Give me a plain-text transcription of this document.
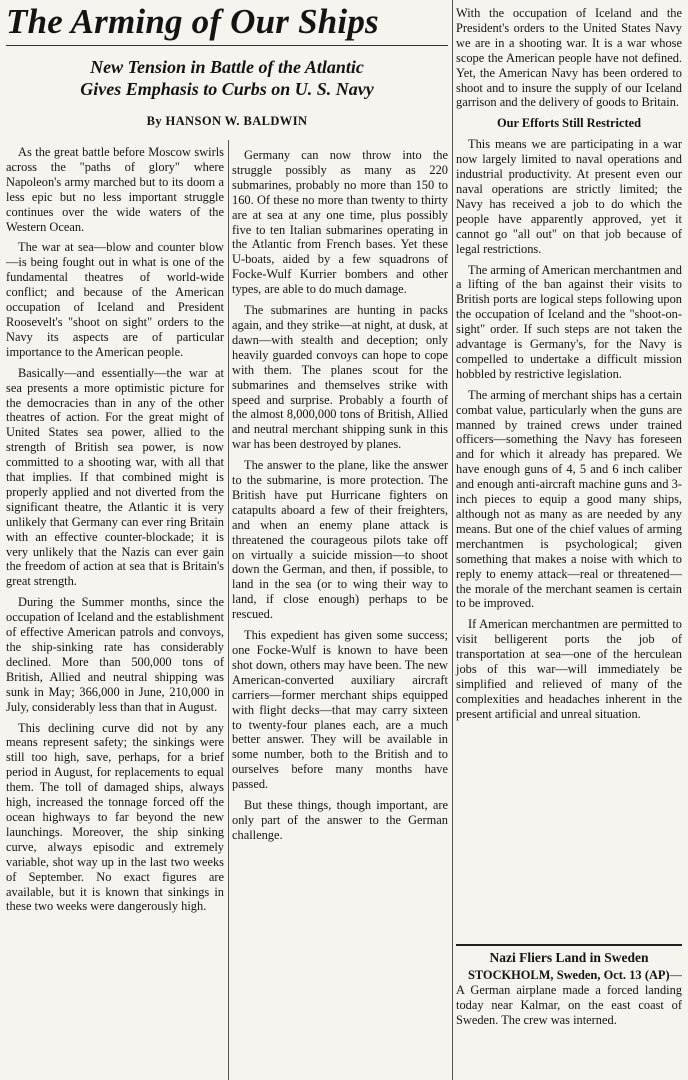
The Arming of Our Ships
New Tension in Battle of the Atlantic
Gives Emphasis to Curbs on U. S. Navy
By HANSON W. BALDWIN

As the great battle before Moscow swirls across the "paths of glory" where Napoleon's army marched but to its doom a less epic but no less important struggle continues over the wide waters of the Western Ocean.

The war at sea—blow and counter blow—is being fought out in what is one of the fundamental theatres of world-wide conflict; and because of the American occupation of Iceland and President Roosevelt's "shoot on sight" orders to the Navy its aspects are of particular importance to the American people.

Basically—and essentially—the war at sea presents a more optimistic picture for the democracies than in any of the other theatres of action. For the great might of United States sea power, allied to the strength of British sea power, is now committed to a shooting war, with all that that implies. If that combined might is properly applied and not diverted from the significant theatre, the Atlantic it is very unlikely that Germany can ever ring Britain with an effective counter-blockade; it is very unlikely that the Nazis can ever gain the freedom of action at sea that is Britain's great strength.

During the Summer months, since the occupation of Iceland and the establishment of effective American patrols and convoys, the ship-sinking rate has considerably declined. More than 500,000 tons of British, Allied and neutral shipping was sunk in May; 366,000 in June, 210,000 in July, considerably less than that in August.

This declining curve did not by any means represent safety; the sinkings were still too high, save, perhaps, for a brief period in August, for replacements to equal them. The toll of damaged ships, always high, increased the tonnage forced off the ocean highways to far beyond the new launchings. Moreover, the ship sinking curve, always episodic and extremely variable, shot way up in the last two weeks of September. No exact figures are available, but it is known that sinkings in these two weeks were dangerously high.

Germany can now throw into the struggle possibly as many as 220 submarines, probably no more than 150 to 160. Of these no more than twenty to thirty are at sea at any one time, plus possibly five to ten Italian submarines operating in the Atlantic from French bases. Yet these U-boats, aided by a few squadrons of Focke-Wulf Kurrier bombers and other types, are able to do much damage.

The submarines are hunting in packs again, and they strike—at night, at dusk, at dawn—with stealth and deception; only heavily guarded convoys can hope to cope with them. The planes scout for the submarines and themselves strike with speed and surprise. Probably a fourth of the almost 8,000,000 tons of British, Allied and neutral merchant shipping sunk in this war has been destroyed by planes.

The answer to the plane, like the answer to the submarine, is more protection. The British have put Hurricane fighters on catapults aboard a few of their freighters, and when an enemy plane attack is threatened the courageous pilots take off on virtually a suicide mission—to shoot down the German, and then, if possible, to land in the sea (or to wing their way to land, if close enough) perhaps to be rescued.

This expedient has given some success; one Focke-Wulf is known to have been shot down, others may have been. The new American-converted auxiliary aircraft carriers—former merchant ships equipped with flight decks—that may carry sixteen to twenty-four planes each, are a much better answer. They will be available in some number, both to the British and to ourselves before many months have passed.

But these things, though important, are only part of the answer to the German challenge.

With the occupation of Iceland and the President's orders to the United States Navy we are in a shooting war. It is a war whose scope the American people have not defined. Yet, the American Navy has been ordered to shoot and to insure the supply of our Iceland garrison and the delivery of goods to Britain.

Our Efforts Still Restricted

This means we are participating in a war now largely limited to naval operations and industrial productivity. At present even our naval operations are strictly limited; the Navy has received a job to do which the people have apparently approved, yet it cannot go "all out" on that job because of legal restrictions.

The arming of American merchantmen and a lifting of the ban against their visits to British ports are logical steps following upon the occupation of Iceland and the "shoot-on-sight" order. If such steps are not taken the advantage is Germany's, for the Navy is compelled to undertake a difficult mission hobbled by restrictive legislation.

The arming of merchant ships has a certain combat value, particularly when the guns are manned by trained crews under trained officers—something the Navy has foreseen and for which it already has prepared. We have enough guns of 4, 5 and 6 inch caliber and enough anti-aircraft machine guns and 3-inch pieces to equip a good many ships, although not as many as are needed by any means. But one of the chief values of arming merchantmen is psychological; given something that makes a noise with which to reply to enemy attack—real or threatened—the morale of the merchant seamen is certain to be improved.

If American merchantmen are permitted to visit belligerent ports the job of transportation at sea—one of the herculean jobs of this war—will immediately be simplified and relieved of many of the complexities and headaches inherent in the present artificial and unreal situation.

Nazi Fliers Land in Sweden

STOCKHOLM, Sweden, Oct. 13 (AP)—A German airplane made a forced landing today near Kalmar, on the east coast of Sweden. The crew was interned.
